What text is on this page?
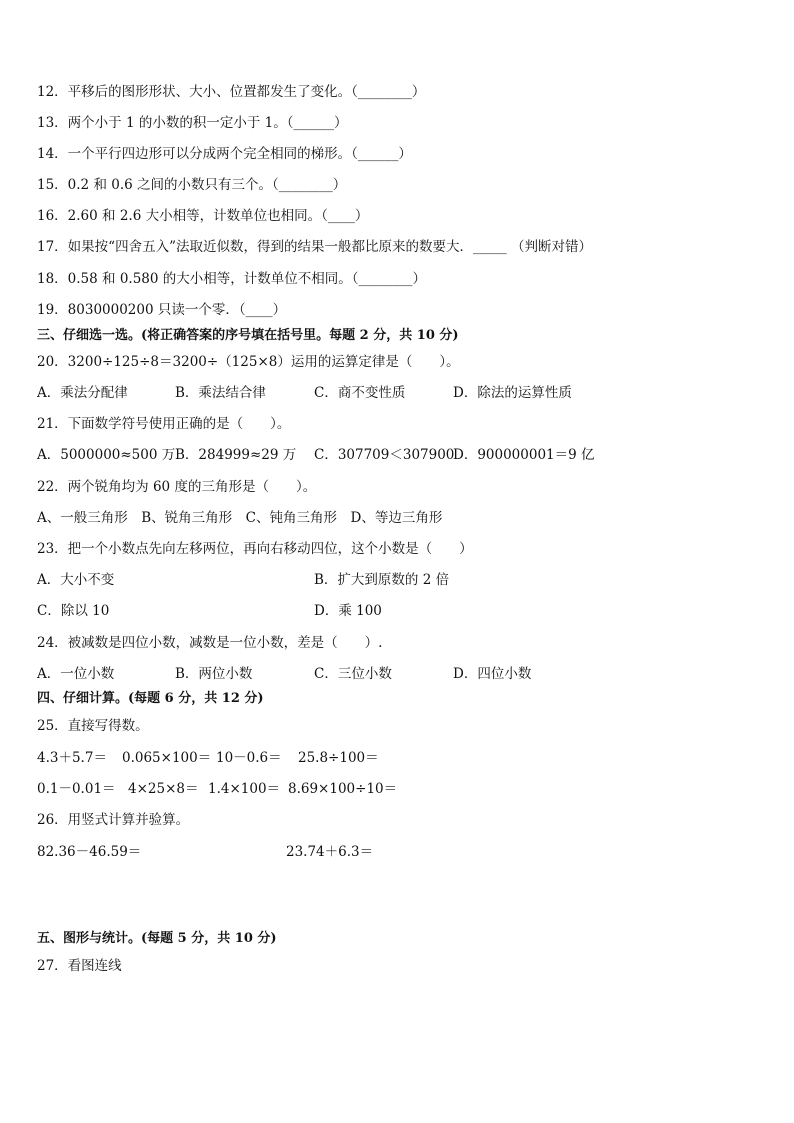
12．平移后的图形形状、大小、位置都发生了变化。（________）
13．两个小于 1 的小数的积一定小于 1。（______）
14．一个平行四边形可以分成两个完全相同的梯形。（______）
15．0.2 和 0.6 之间的小数只有三个。（________）
16．2.60 和 2.6 大小相等，计数单位也相同。（____）
17．如果按“四舍五入”法取近似数，得到的结果一般都比原来的数要大．_____ （判断对错）
18．0.58 和 0.580 的大小相等，计数单位不相同。（________）
19．8030000200 只读一个零．（____）
三、仔细选一选。(将正确答案的序号填在括号里。每题 2 分，共 10 分)
20．3200÷125÷8＝3200÷（125×8）运用的运算定律是（　　）。
A．乘法分配律	B．乘法结合律	C．商不变性质	D．除法的运算性质
21．下面数学符号使用正确的是（　　）。
A．5000000≈500 万 B．284999≈29 万 C．307709＜307900
D．900000001＝9 亿
22．两个锐角均为 60 度的三角形是（　　）。
A、一般三角形　B、锐角三角形　C、钝角三角形　D、等边三角形
23．把一个小数点先向左移两位，再向右移动四位，这个小数是（　　）
A．大小不变	B．扩大到原数的 2 倍
C．除以 10	D．乘 100
24．被减数是四位小数，减数是一位小数，差是（　　）.
A．一位小数	B．两位小数	C．三位小数	D．四位小数
四、仔细计算。(每题 6 分，共 12 分)
25．直接写得数。
4.3＋5.7＝ 0.065×100＝ 10－0.6＝ 25.8÷100＝
0.1－0.01＝ 4×25×8＝ 1.4×100＝ 8.69×100÷10＝
26．用竖式计算并验算。
82.36－46.59＝	23.74＋6.3＝
五、图形与统计。(每题 5 分，共 10 分)
27．看图连线
